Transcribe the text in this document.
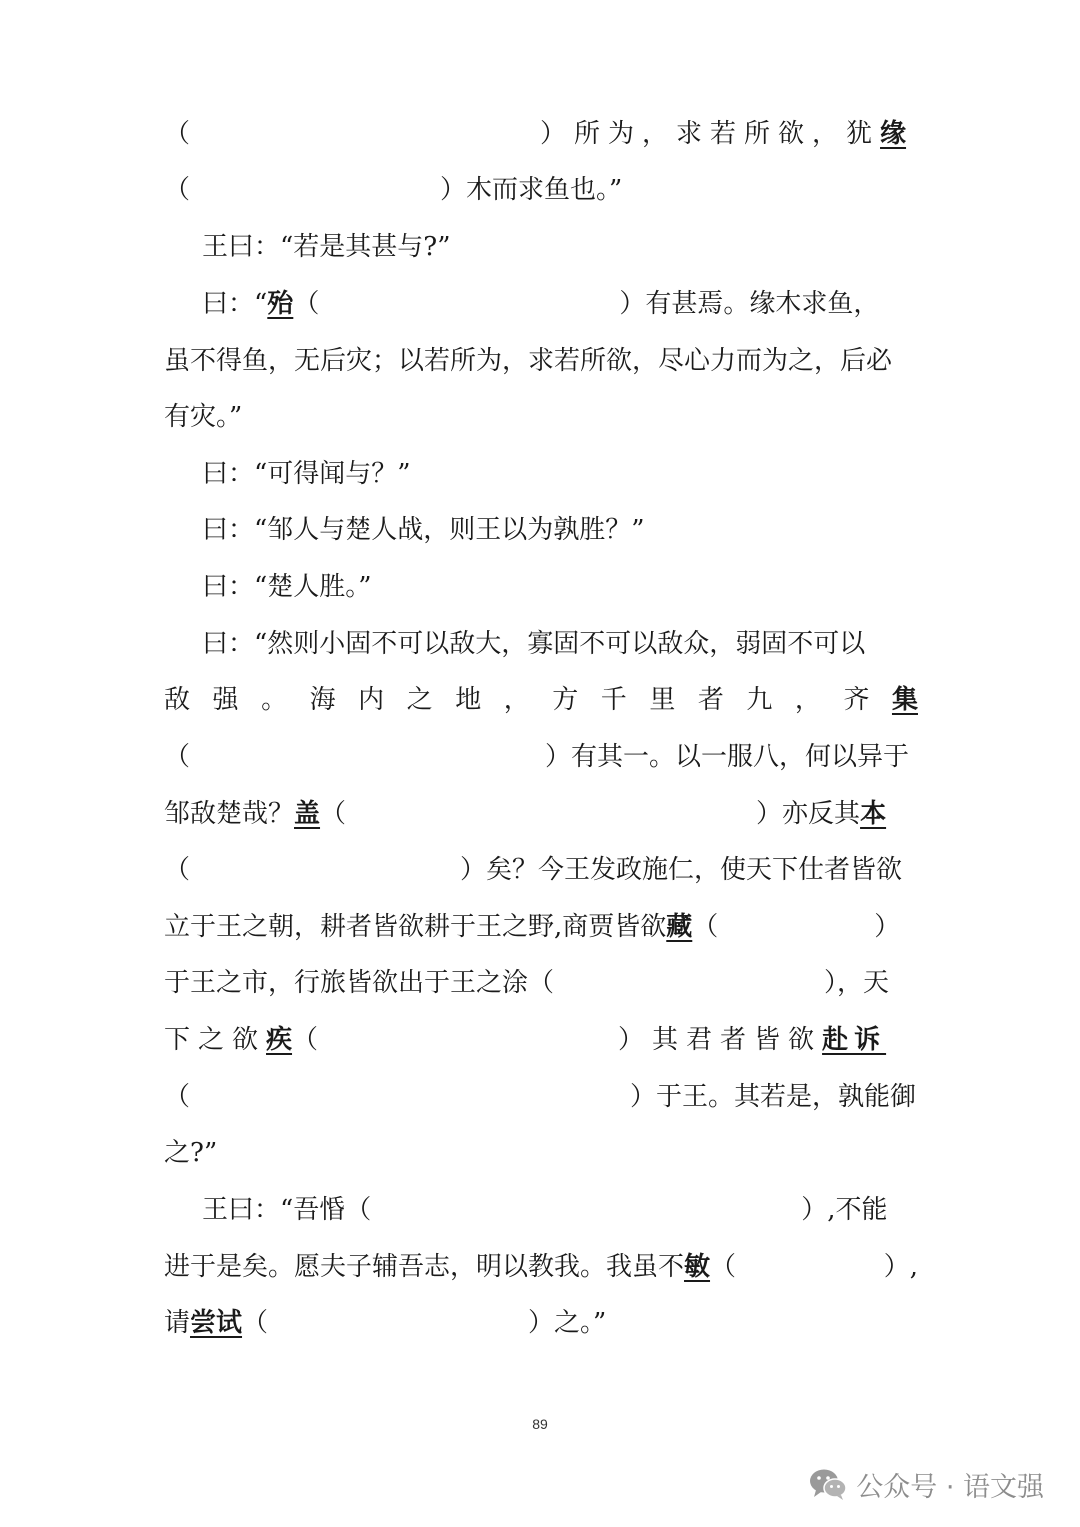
（	）所为，求若所欲，犹 缘
（	）木而求鱼也。”
王曰：“若是其甚与?”
曰：“ 殆 （	）有甚焉。缘木求鱼，
虽不得鱼，无后灾；以若所为，求若所欲，尽心力而为之，后必
有灾。”
曰：“可得闻与？”
曰：“邹人与楚人战，则王以为孰胜？”
曰：“楚人胜。”
曰：“然则小固不可以敌大，寡固不可以敌众，弱固不可以
敌 强 。 海 内 之 地 ， 方 千 里 者 九 ， 齐 集
（	）有其一。以一服八，何以异于
邹敌楚哉？ 盖 （	）亦反其 本
（	）矣？今王发政施仁，使天下仕者皆欲
立于王之朝，耕者皆欲耕于王之野,商贾皆欲 藏 （	）
于王之市，行旅皆欲出于王之涂（	），天
下之欲 疾 （	）其君者皆欲 赴诉
（	）于王。其若是，孰能御
之?”
王曰：“吾惛（	）,不能
进于是矣。愿夫子辅吾志，明以教我。我虽不 敏 （	）,
请 尝试 （	）之。”
89
公众号 · 语文强
